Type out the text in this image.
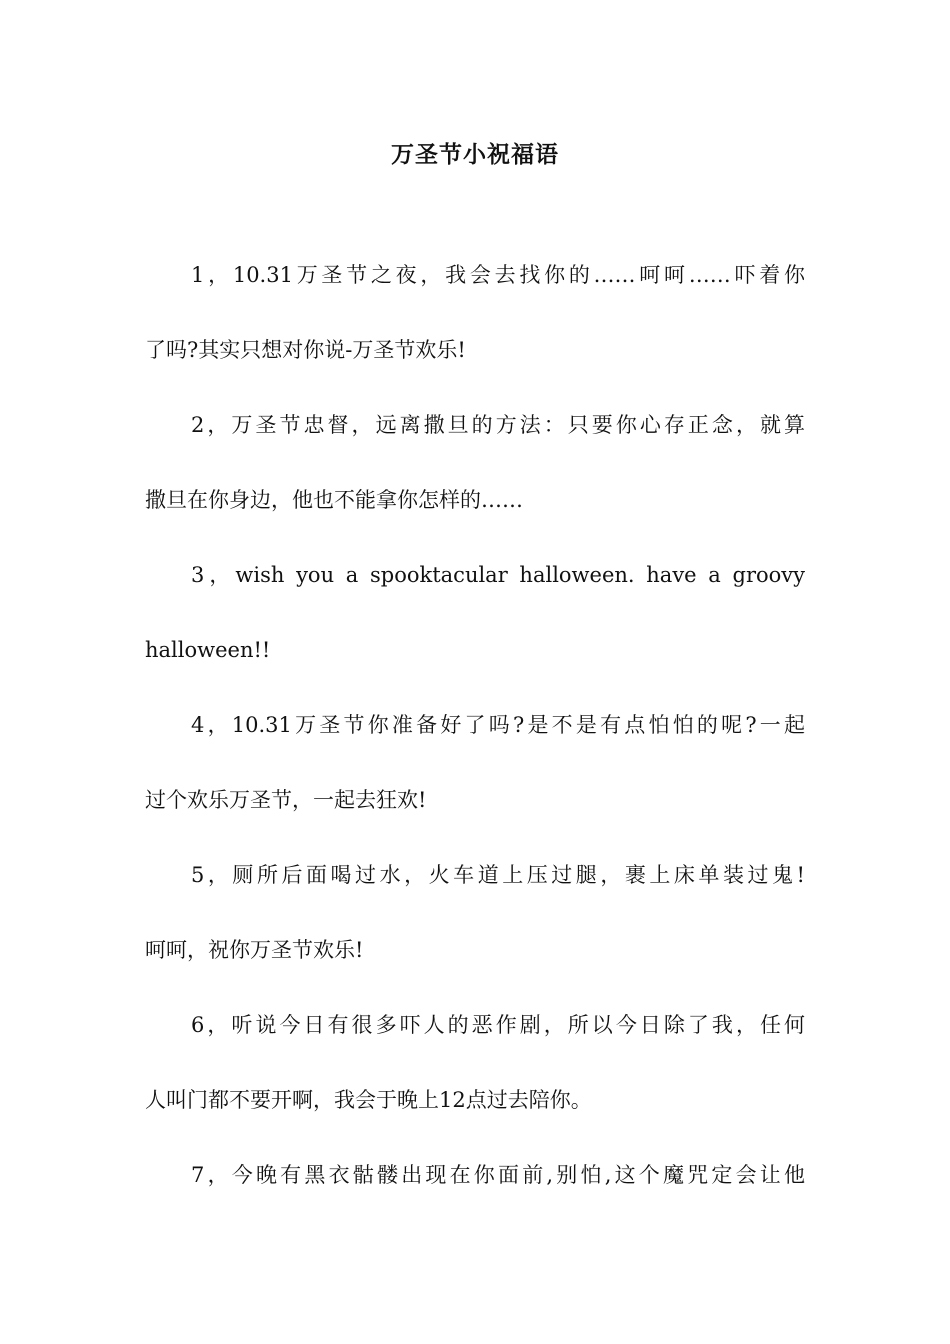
万圣节小祝福语
1，10.31万圣节之夜，我会去找你的……呵呵……吓着你
了吗?其实只想对你说-万圣节欢乐!
2，万圣节忠督，远离撒旦的方法：只要你心存正念，就算
撒旦在你身边，他也不能拿你怎样的……
3，wish you a spooktacular halloween. have a groovy
halloween!!
4，10.31万圣节你准备好了吗?是不是有点怕怕的呢?一起
过个欢乐万圣节，一起去狂欢!
5，厕所后面喝过水，火车道上压过腿，裹上床单装过鬼!
呵呵，祝你万圣节欢乐!
6，听说今日有很多吓人的恶作剧，所以今日除了我，任何
人叫门都不要开啊，我会于晚上12点过去陪你。
7，今晚有黑衣骷髅出现在你面前,别怕,这个魔咒定会让他
